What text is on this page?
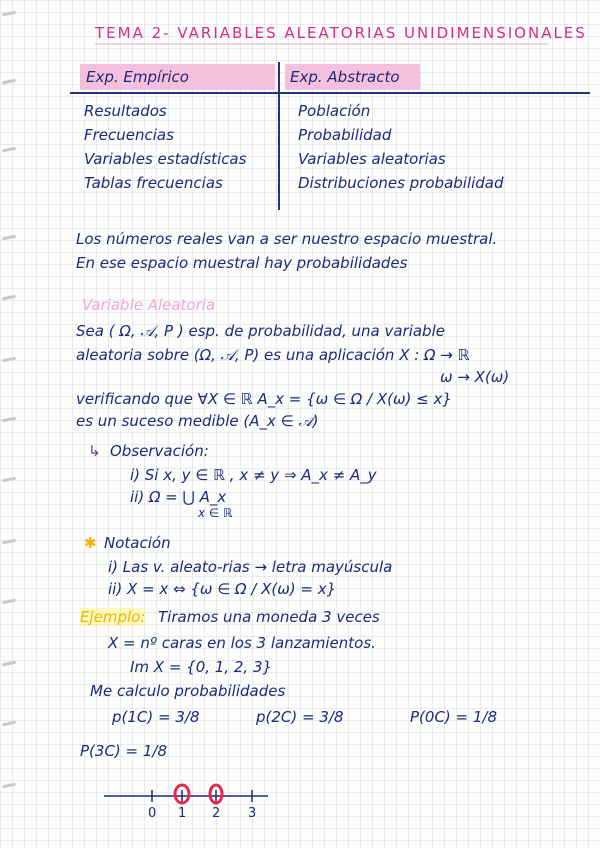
TEMA 2- VARIABLES ALEATORIAS UNIDIMENSIONALES
Exp. Empírico	Exp. Abstracto
Resultados	Población
Frecuencias	Probabilidad
Variables estadísticas	Variables aleatorias
Tablas frecuencias	Distribuciones probabilidad
Los números reales van a ser nuestro espacio muestral.
En ese espacio muestral hay probabilidades
Variable Aleatoria
Sea ( Ω, 𝒜, P ) esp. de probabilidad, una variable
aleatoria sobre (Ω, 𝒜, P) es una aplicación X : Ω → ℝ
ω → X(ω)
verificando que ∀X ∈ ℝ A_x = {ω ∈ Ω / X(ω) ≤ x}
es un suceso medible (A_x ∈ 𝒜)
↳ Observación:
i) Si x, y ∈ ℝ , x ≠ y ⇒ A_x ≠ A_y
ii) Ω = ⋃ A_x
x ∈ ℝ
✱ Notación
i) Las v. aleato-rias → letra mayúscula
ii) X = x ⇔ {ω ∈ Ω / X(ω) = x}
Ejemplo: Tiramos una moneda 3 veces
X = nº caras en los 3 lanzamientos.
Im X = {0, 1, 2, 3}
Me calculo probabilidades
p(1C) = 3/8	p(2C) = 3/8	P(0C) = 1/8
P(3C) = 1/8
0 1 2 3
